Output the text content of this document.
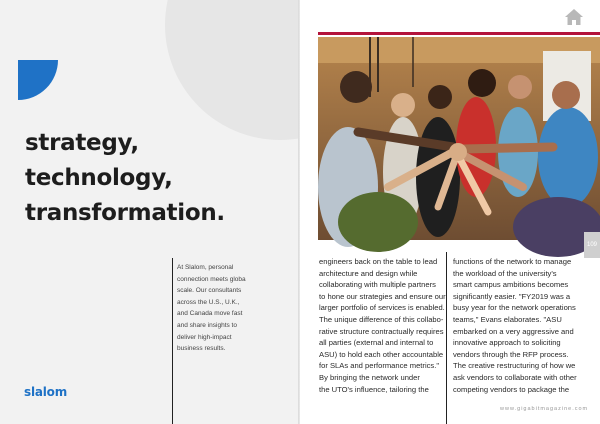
strategy,
technology,
transformation.
At Slalom, personal
connection meets globa
scale. Our consultants
across the U.S., U.K.,
and Canada move fast
and share insights to
deliver high-impact
business results.
slalom
109
engineers back on the table to lead
architecture and design while
collaborating with multiple partners
to hone our strategies and ensure our
larger portfolio of services is enabled.
The unique difference of this collabo-
rative structure contractually requires
all parties (external and internal to
ASU) to hold each other accountable
for SLAs and performance metrics."
By bringing the network under
the UTO's influence, tailoring the
functions of the network to manage
the workload of the university's
smart campus ambitions becomes
significantly easier. "FY2019 was a
busy year for the network operations
teams," Evans elaborates. "ASU
embarked on a very aggressive and
innovative approach to soliciting
vendors through the RFP process.
The creative restructuring of how we
ask vendors to collaborate with other
competing vendors to package the
www.gigabitmagazine.com
